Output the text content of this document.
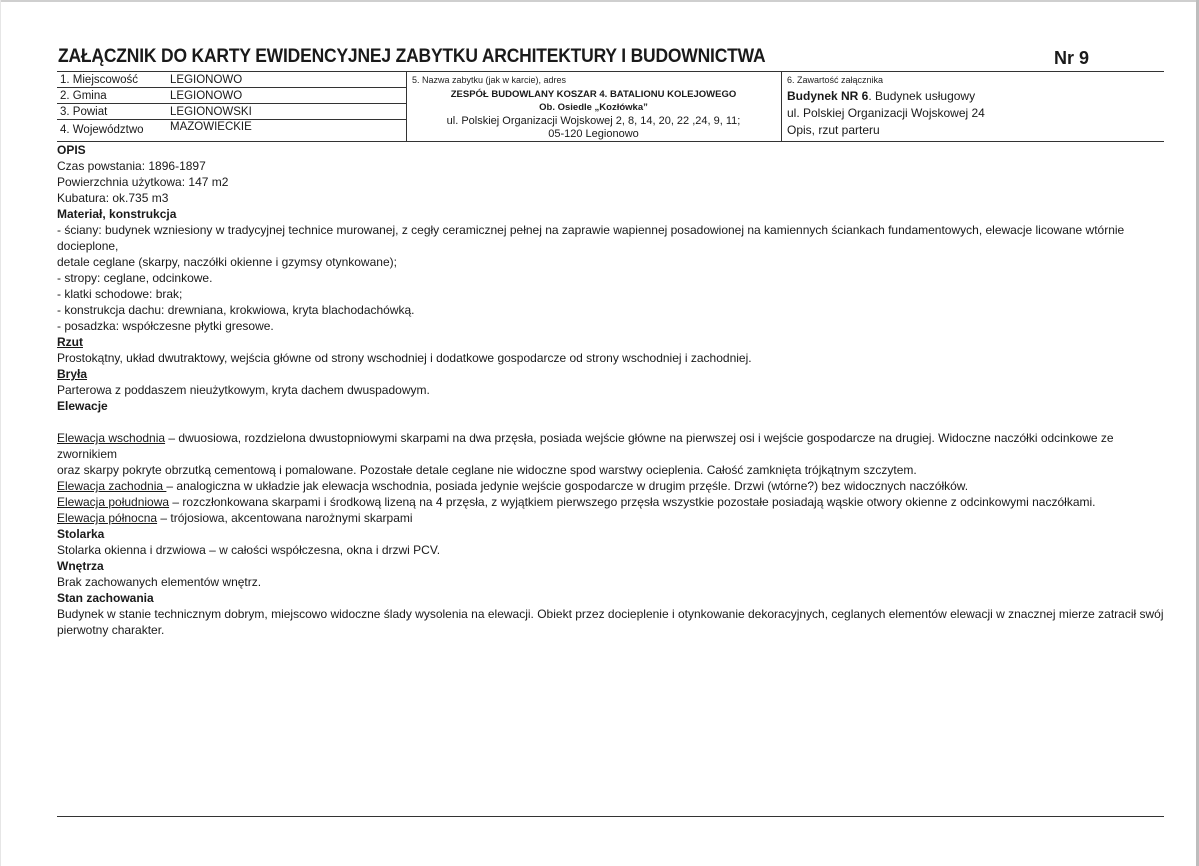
ZAŁĄCZNIK DO KARTY EWIDENCYJNEJ ZABYTKU ARCHITEKTURY I BUDOWNICTWA	Nr 9
1. Miejscowość	LEGIONOWO
2. Gmina	LEGIONOWO
3. Powiat	LEGIONOWSKI
4. Województwo MAZOWIECKIE
5. Nazwa zabytku (jak w karcie), adres
ZESPÓŁ BUDOWLANY KOSZAR 4. BATALIONU KOLEJOWEGO
Ob. Osiedle „Kozłówka”
ul. Polskiej Organizacji Wojskowej 2, 8, 14, 20, 22 ,24, 9, 11;
05-120 Legionowo
6. Zawartość załącznika
Budynek NR 6. Budynek usługowy
ul. Polskiej Organizacji Wojskowej 24
Opis, rzut parteru

OPIS

Czas powstania: 1896-1897

Powierzchnia użytkowa: 147 m2

Kubatura: ok.735 m3

Materiał, konstrukcja

- ściany: budynek wzniesiony w tradycyjnej technice murowanej, z cegły ceramicznej pełnej na zaprawie wapiennej posadowionej na kamiennych ściankach fundamentowych, elewacje licowane wtórnie docieplone,

detale ceglane (skarpy, naczółki okienne i gzymsy otynkowane);

- stropy: ceglane, odcinkowe.

- klatki schodowe: brak;

- konstrukcja dachu: drewniana, krokwiowa, kryta blachodachówką.

- posadzka: współczesne płytki gresowe.

Rzut

Prostokątny, układ dwutraktowy, wejścia główne od strony wschodniej i dodatkowe gospodarcze od strony wschodniej i zachodniej.

Bryła

Parterowa z poddaszem nieużytkowym, kryta dachem dwuspadowym.

Elewacje

Elewacja wschodnia – dwuosiowa, rozdzielona dwustopniowymi skarpami na dwa przęsła, posiada wejście główne na pierwszej osi i wejście gospodarcze na drugiej. Widoczne naczółki odcinkowe ze zwornikiem

oraz skarpy pokryte obrzutką cementową i pomalowane. Pozostałe detale ceglane nie widoczne spod warstwy ocieplenia. Całość zamknięta trójkątnym szczytem.

Elewacja zachodnia – analogiczna w układzie jak elewacja wschodnia, posiada jedynie wejście gospodarcze w drugim przęśle. Drzwi (wtórne?) bez widocznych naczółków.

Elewacja południowa – rozczłonkowana skarpami i środkową lizeną na 4 przęsła, z wyjątkiem pierwszego przęsła wszystkie pozostałe posiadają wąskie otwory okienne z odcinkowymi naczółkami.

Elewacja północna – trójosiowa, akcentowana narożnymi skarpami

Stolarka

Stolarka okienna i drzwiowa – w całości współczesna, okna i drzwi PCV.

Wnętrza

Brak zachowanych elementów wnętrz.

Stan zachowania

Budynek w stanie technicznym dobrym, miejscowo widoczne ślady wysolenia na elewacji. Obiekt przez docieplenie i otynkowanie dekoracyjnych, ceglanych elementów elewacji w znacznej mierze zatracił swój

pierwotny charakter.
